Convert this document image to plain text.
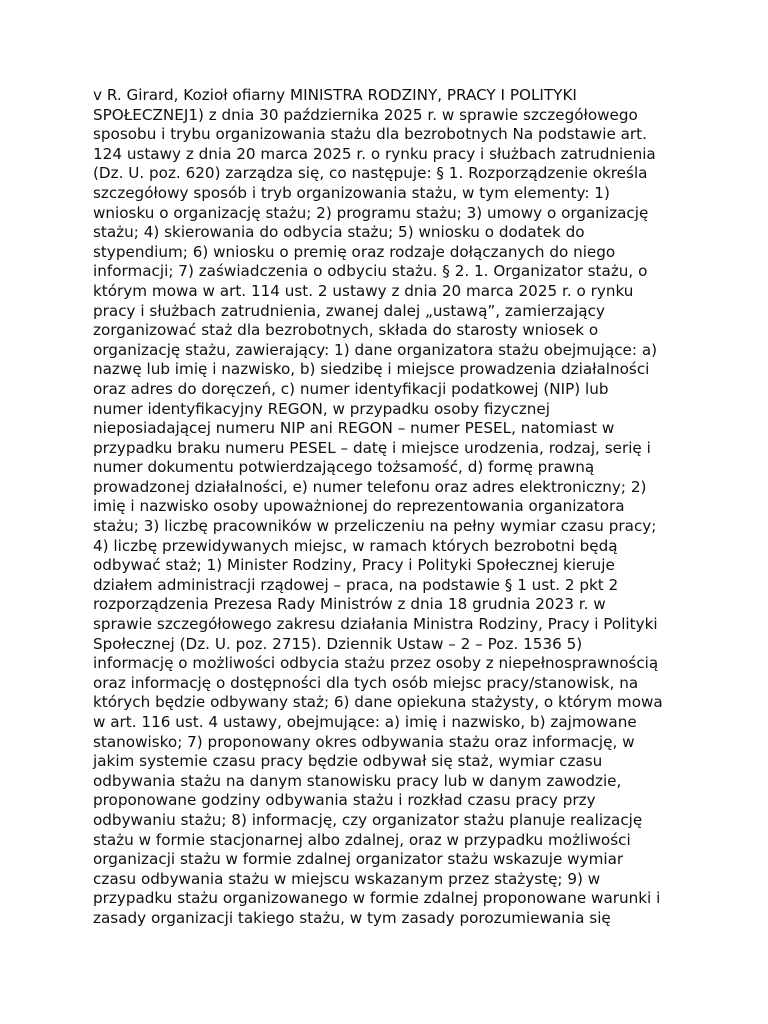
v R. Girard, Kozioł ofiarny MINISTRA RODZINY, PRACY I POLITYKI
SPOŁECZNEJ1) z dnia 30 października 2025 r. w sprawie szczegółowego
sposobu i trybu organizowania stażu dla bezrobotnych Na podstawie art.
124 ustawy z dnia 20 marca 2025 r. o rynku pracy i służbach zatrudnienia
(Dz. U. poz. 620) zarządza się, co następuje: § 1. Rozporządzenie określa
szczegółowy sposób i tryb organizowania stażu, w tym elementy: 1)
wniosku o organizację stażu; 2) programu stażu; 3) umowy o organizację
stażu; 4) skierowania do odbycia stażu; 5) wniosku o dodatek do
stypendium; 6) wniosku o premię oraz rodzaje dołączanych do niego
informacji; 7) zaświadczenia o odbyciu stażu. § 2. 1. Organizator stażu, o
którym mowa w art. 114 ust. 2 ustawy z dnia 20 marca 2025 r. o rynku
pracy i służbach zatrudnienia, zwanej dalej „ustawą”, zamierzający
zorganizować staż dla bezrobotnych, składa do starosty wniosek o
organizację stażu, zawierający: 1) dane organizatora stażu obejmujące: a)
nazwę lub imię i nazwisko, b) siedzibę i miejsce prowadzenia działalności
oraz adres do doręczeń, c) numer identyfikacji podatkowej (NIP) lub
numer identyfikacyjny REGON, w przypadku osoby fizycznej
nieposiadającej numeru NIP ani REGON – numer PESEL, natomiast w
przypadku braku numeru PESEL – datę i miejsce urodzenia, rodzaj, serię i
numer dokumentu potwierdzającego tożsamość, d) formę prawną
prowadzonej działalności, e) numer telefonu oraz adres elektroniczny; 2)
imię i nazwisko osoby upoważnionej do reprezentowania organizatora
stażu; 3) liczbę pracowników w przeliczeniu na pełny wymiar czasu pracy;
4) liczbę przewidywanych miejsc, w ramach których bezrobotni będą
odbywać staż; 1) Minister Rodziny, Pracy i Polityki Społecznej kieruje
działem administracji rządowej – praca, na podstawie § 1 ust. 2 pkt 2
rozporządzenia Prezesa Rady Ministrów z dnia 18 grudnia 2023 r. w
sprawie szczegółowego zakresu działania Ministra Rodziny, Pracy i Polityki
Społecznej (Dz. U. poz. 2715). Dziennik Ustaw – 2 – Poz. 1536 5)
informację o możliwości odbycia stażu przez osoby z niepełnosprawnością
oraz informację o dostępności dla tych osób miejsc pracy/stanowisk, na
których będzie odbywany staż; 6) dane opiekuna stażysty, o którym mowa
w art. 116 ust. 4 ustawy, obejmujące: a) imię i nazwisko, b) zajmowane
stanowisko; 7) proponowany okres odbywania stażu oraz informację, w
jakim systemie czasu pracy będzie odbywał się staż, wymiar czasu
odbywania stażu na danym stanowisku pracy lub w danym zawodzie,
proponowane godziny odbywania stażu i rozkład czasu pracy przy
odbywaniu stażu; 8) informację, czy organizator stażu planuje realizację
stażu w formie stacjonarnej albo zdalnej, oraz w przypadku możliwości
organizacji stażu w formie zdalnej organizator stażu wskazuje wymiar
czasu odbywania stażu w miejscu wskazanym przez stażystę; 9) w
przypadku stażu organizowanego w formie zdalnej proponowane warunki i
zasady organizacji takiego stażu, w tym zasady porozumiewania się
